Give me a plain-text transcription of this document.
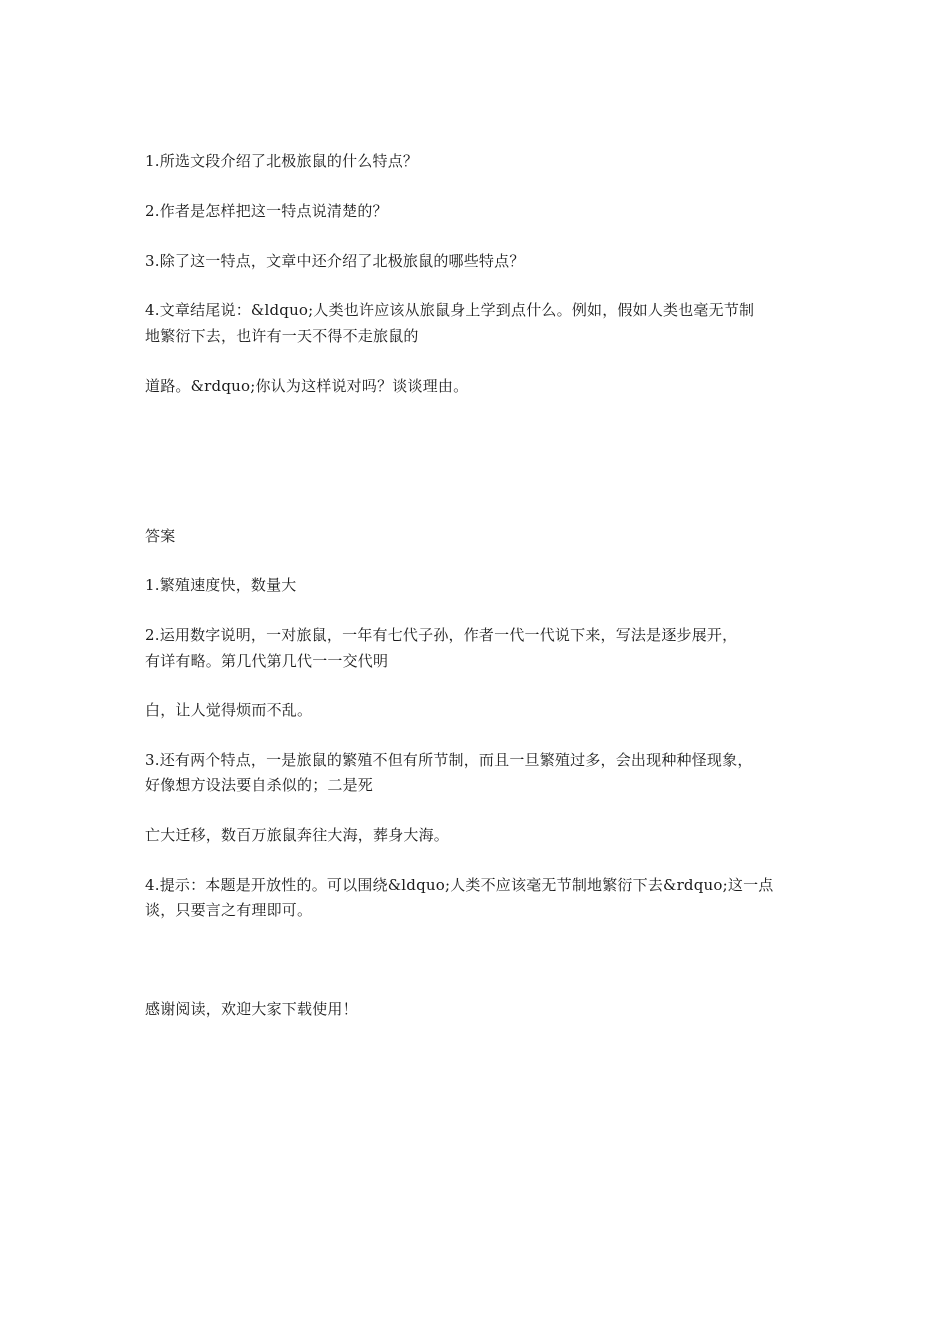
1.所选文段介绍了北极旅鼠的什么特点？
2.作者是怎样把这一特点说清楚的？
3.除了这一特点，文章中还介绍了北极旅鼠的哪些特点？
4.文章结尾说：&ldquo;人类也许应该从旅鼠身上学到点什么。例如，假如人类也毫无节制
地繁衍下去，也许有一天不得不走旅鼠的
道路。&rdquo;你认为这样说对吗？谈谈理由。
答案
1.繁殖速度快，数量大
2.运用数字说明，一对旅鼠，一年有七代子孙，作者一代一代说下来，写法是逐步展开，
有详有略。第几代第几代一一交代明
白，让人觉得烦而不乱。
3.还有两个特点，一是旅鼠的繁殖不但有所节制，而且一旦繁殖过多，会出现种种怪现象，
好像想方设法要自杀似的；二是死
亡大迁移，数百万旅鼠奔往大海，葬身大海。
4.提示：本题是开放性的。可以围绕&ldquo;人类不应该毫无节制地繁衍下去&rdquo;这一点
谈，只要言之有理即可。
感谢阅读，欢迎大家下载使用！
